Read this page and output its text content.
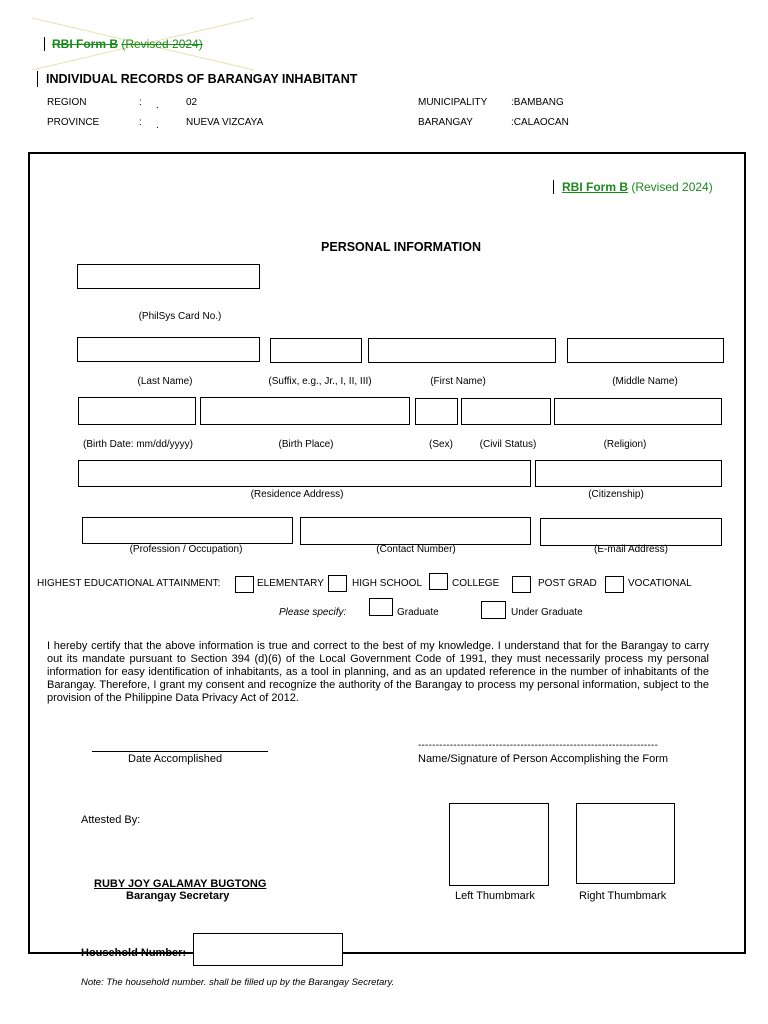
RBI Form B (Revised 2024)
INDIVIDUAL RECORDS OF BARANGAY INHABITANT
REGION	: .	02
PROVINCE	: .	NUEVA VIZCAYA
MUNICIPALITY :BAMBANG
BARANGAY	:CALAOCAN
RBI Form B (Revised 2024)
PERSONAL INFORMATION
(PhilSys Card No.)
(Last Name)	(Suffix, e.g., Jr., I, II, III)	(First Name)	(Middle Name)
(Birth Date: mm/dd/yyyy)	(Birth Place)	(Sex)	(Civil Status)	(Religion)
(Residence Address)	(Citizenship)
(Profession / Occupation)	(Contact Number)	(E-mail Address)
HIGHEST EDUCATIONAL ATTAINMENT:	ELEMENTARY	HIGH SCHOOL	COLLEGE	POST GRAD	VOCATIONAL
Please specify:	Graduate	Under Graduate
I hereby certify that the above information is true and correct to the best of my knowledge. I understand that for the Barangay to carry out its mandate pursuant to Section 394 (d)(6) of the Local Government Code of 1991, they must necessarily process my personal information for easy identification of inhabitants, as a tool in planning, and as an updated reference in the number of inhabitants of the Barangay. Therefore, I grant my consent and recognize the authority of the Barangay to process my personal information, subject to the provision of the Philippine Data Privacy Act of 2012.
Date Accomplished
--------------------------------------------------------------------
Name/Signature of Person Accomplishing the Form
Attested By:
RUBY JOY GALAMAY BUGTONG
Barangay Secretary	Left Thumbmark	Right Thumbmark
Household Number:
Note: The household number. shall be filled up by the Barangay Secretary.
